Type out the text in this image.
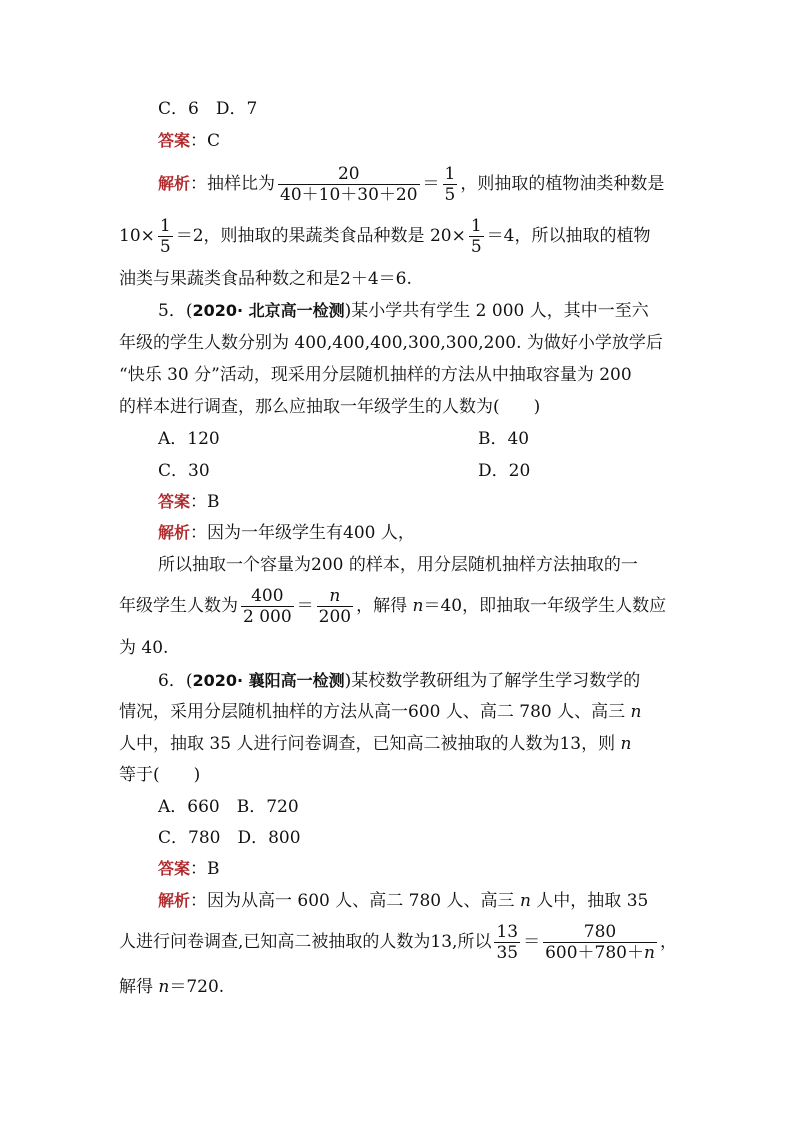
C．6　D．7
答案：C
解析：抽样比为 $\frac{20}{40+10+30+20} = \frac{1}{5}$ ，则抽取的植物油类种数是
$10\times \frac{1}{5} =2$，则抽取的果蔬类食品种数是 $20\times \frac{1}{5} =4$，所以抽取的植物
油类与果蔬类食品种数之和是2＋4＝6.
5．(2020· 北京高一检测)某小学共有学生 2 000 人，其中一至六
年级的学生人数分别为 400,400,400,300,300,200. 为做好小学放学后
“快乐 30 分”活动，现采用分层随机抽样的方法从中抽取容量为 200
的样本进行调查，那么应抽取一年级学生的人数为(　　)
A．120	B．40
C．30	D．20
答案：B
解析：因为一年级学生有400 人，
所以抽取一个容量为200 的样本，用分层随机抽样方法抽取的一
年级学生人数为 $\frac{400}{2 000} = \frac{n}{200}$ ，解得 n＝40，即抽取一年级学生人数应
为 40.
6．(2020· 襄阳高一检测)某校数学教研组为了解学生学习数学的
情况，采用分层随机抽样的方法从高一600 人、高二 780 人、高三 n
人中，抽取 35 人进行问卷调查，已知高二被抽取的人数为13，则 n
等于(　　)
A．660　B．720
C．780　D．800
答案：B
解析：因为从高一 600 人、高二 780 人、高三 n 人中，抽取 35
人进行问卷调查,已知高二被抽取的人数为13,所以 $\frac{13}{35} = \frac{780}{600+780+n}$ ，
解得 n＝720.
